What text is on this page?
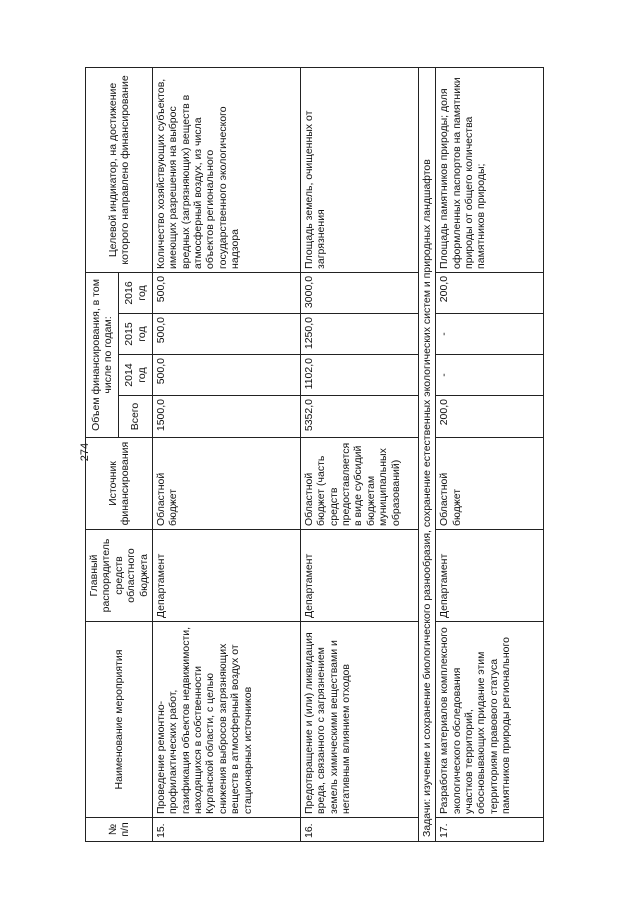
274
№ п/п	Наименование мероприятия	Главный распорядитель средств областного бюджета	Источник финансирования	Объем финансирования, в том числе по годам:				Целевой индикатор, на достижение которого направлено финансирование
				Всего	2014 год	2015 год	2016 год	
15.	Проведение ремонтно-профилактических работ, газификация объектов недвижимости, находящихся в собственности Курганской области, с целью снижения выбросов загрязняющих веществ в атмосферный воздух от стационарных источников	Департамент	Областной бюджет	1500,0	500,0	500,0	500,0	Количество хозяйствующих субъектов, имеющих разрешения на выброс вредных (загрязняющих) веществ в атмосферный воздух, из числа объектов регионального государственного экологического надзора
16.	Предотвращение и (или) ликвидация вреда, связанного с загрязнением земель химическими веществами и негативным влиянием отходов	Департамент	Областной бюджет (часть средств предоставляется в виде субсидий бюджетам муниципальных образований)	5352,0	1102,0	1250,0	3000,0	Площадь земель, очищенных от загрязнения
Задачи: изучение и сохранение биологического разнообразия, сохранение естественных экологических систем и природных ландшафтов								
17.	Разработка материалов комплексного экологического обследования участков территорий, обосновывающих придание этим территориям правового статуса памятников природы регионального	Департамент	Областной бюджет	200,0	-	-	200,0	Площадь памятников природы; доля оформленных паспортов на памятники природы от общего количества памятников природы;
